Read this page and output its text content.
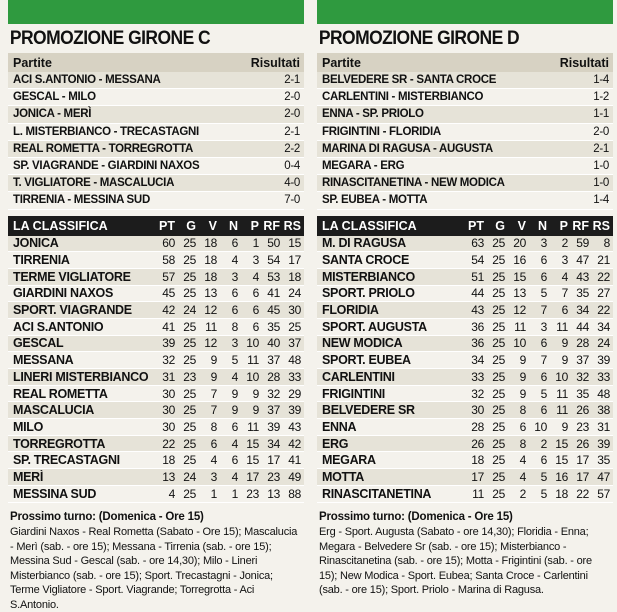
PROMOZIONE GIRONE C
Partite	Risultati
ACI S.ANTONIO - MESSANA	2-1
GESCAL - MILO	2-0
JONICA - MERÌ	2-0
L. MISTERBIANCO - TRECASTAGNI	2-1
REAL ROMETTA - TORREGROTTA	2-2
SP. VIAGRANDE - GIARDINI NAXOS	0-4
T. VIGLIATORE - MASCALUCIA	4-0
TIRRENIA - MESSINA SUD	7-0
LA CLASSIFICA	PT G	V N	P RF RS
JONICA	60 25 18	6	1 50 15
TIRRENIA	58 25 18	4	3 54 17
TERME VIGLIATORE	57 25 18	3	4 53 18
GIARDINI NAXOS	45 25 13	6	6 41 24
SPORT. VIAGRANDE	42 24 12	6	6 45 30
ACI S.ANTONIO	41 25 11	8	6 35 25
GESCAL	39 25 12	3 10 40 37
MESSANA	32 25	9	5 11 37 48
LINERI MISTERBIANCO	31 23	9	4 10 28 33
REAL ROMETTA	30 25	7	9	9 32 29
MASCALUCIA	30 25	7	9	9 37 39
MILO	30 25	8	6 11 39 43
TORREGROTTA	22 25	6	4 15 34 42
SP. TRECASTAGNI	18 25	4	6 15 17 41
MERÌ	13 24	3	4 17 23 49
MESSINA SUD	4 25	1	1 23 13 88
Prossimo turno: (Domenica - Ore 15)
Giardini Naxos - Real Rometta (Sabato - Ore 15); Mascalucia - Merì (sab. - ore 15); Messana - Tirrenia (sab. - ore 15); Messina Sud - Gescal (sab. - ore 14,30); Milo - Lineri Misterbianco (sab. - ore 15); Sport. Trecastagni - Jonica; Terme Vigliatore - Sport. Viagrande; Torregrotta - Aci S.Antonio.
PROMOZIONE GIRONE D
Partite	Risultati
BELVEDERE SR - SANTA CROCE	1-4
CARLENTINI - MISTERBIANCO	1-2
ENNA - SP. PRIOLO	1-1
FRIGINTINI - FLORIDIA	2-0
MARINA DI RAGUSA - AUGUSTA	2-1
MEGARA - ERG	1-0
RINASCITANETINA - NEW MODICA	1-0
SP. EUBEA - MOTTA	1-4
LA CLASSIFICA	PT G	V N	P RF RS
M. DI RAGUSA	63 25 20	3	2 59	8
SANTA CROCE	54 25 16	6	3 47 21
MISTERBIANCO	51 25 15	6	4 43 22
SPORT. PRIOLO	44 25 13	5	7 35 27
FLORIDIA	43 25 12	7	6 34 22
SPORT. AUGUSTA	36 25 11	3 11 44 34
NEW MODICA	36 25 10	6	9 28 24
SPORT. EUBEA	34 25	9	7	9 37 39
CARLENTINI	33 25	9	6 10 32 33
FRIGINTINI	32 25	9	5 11 35 48
BELVEDERE SR	30 25	8	6 11 26 38
ENNA	28 25	6 10	9 23 31
ERG	26 25	8	2 15 26 39
MEGARA	18 25	4	6 15 17 35
MOTTA	17 25	4	5 16 17 47
RINASCITANETINA	11 25	2	5 18 22 57
Prossimo turno: (Domenica - Ore 15)
Erg - Sport. Augusta (Sabato - ore 14,30); Floridia - Enna; Megara - Belvedere Sr (sab. - ore 15); Misterbianco - Rinascitanetina (sab. - ore 15); Motta - Frigintini (sab. - ore 15); New Modica - Sport. Eubea; Santa Croce - Carlentini (sab. - ore 15); Sport. Priolo - Marina di Ragusa.
